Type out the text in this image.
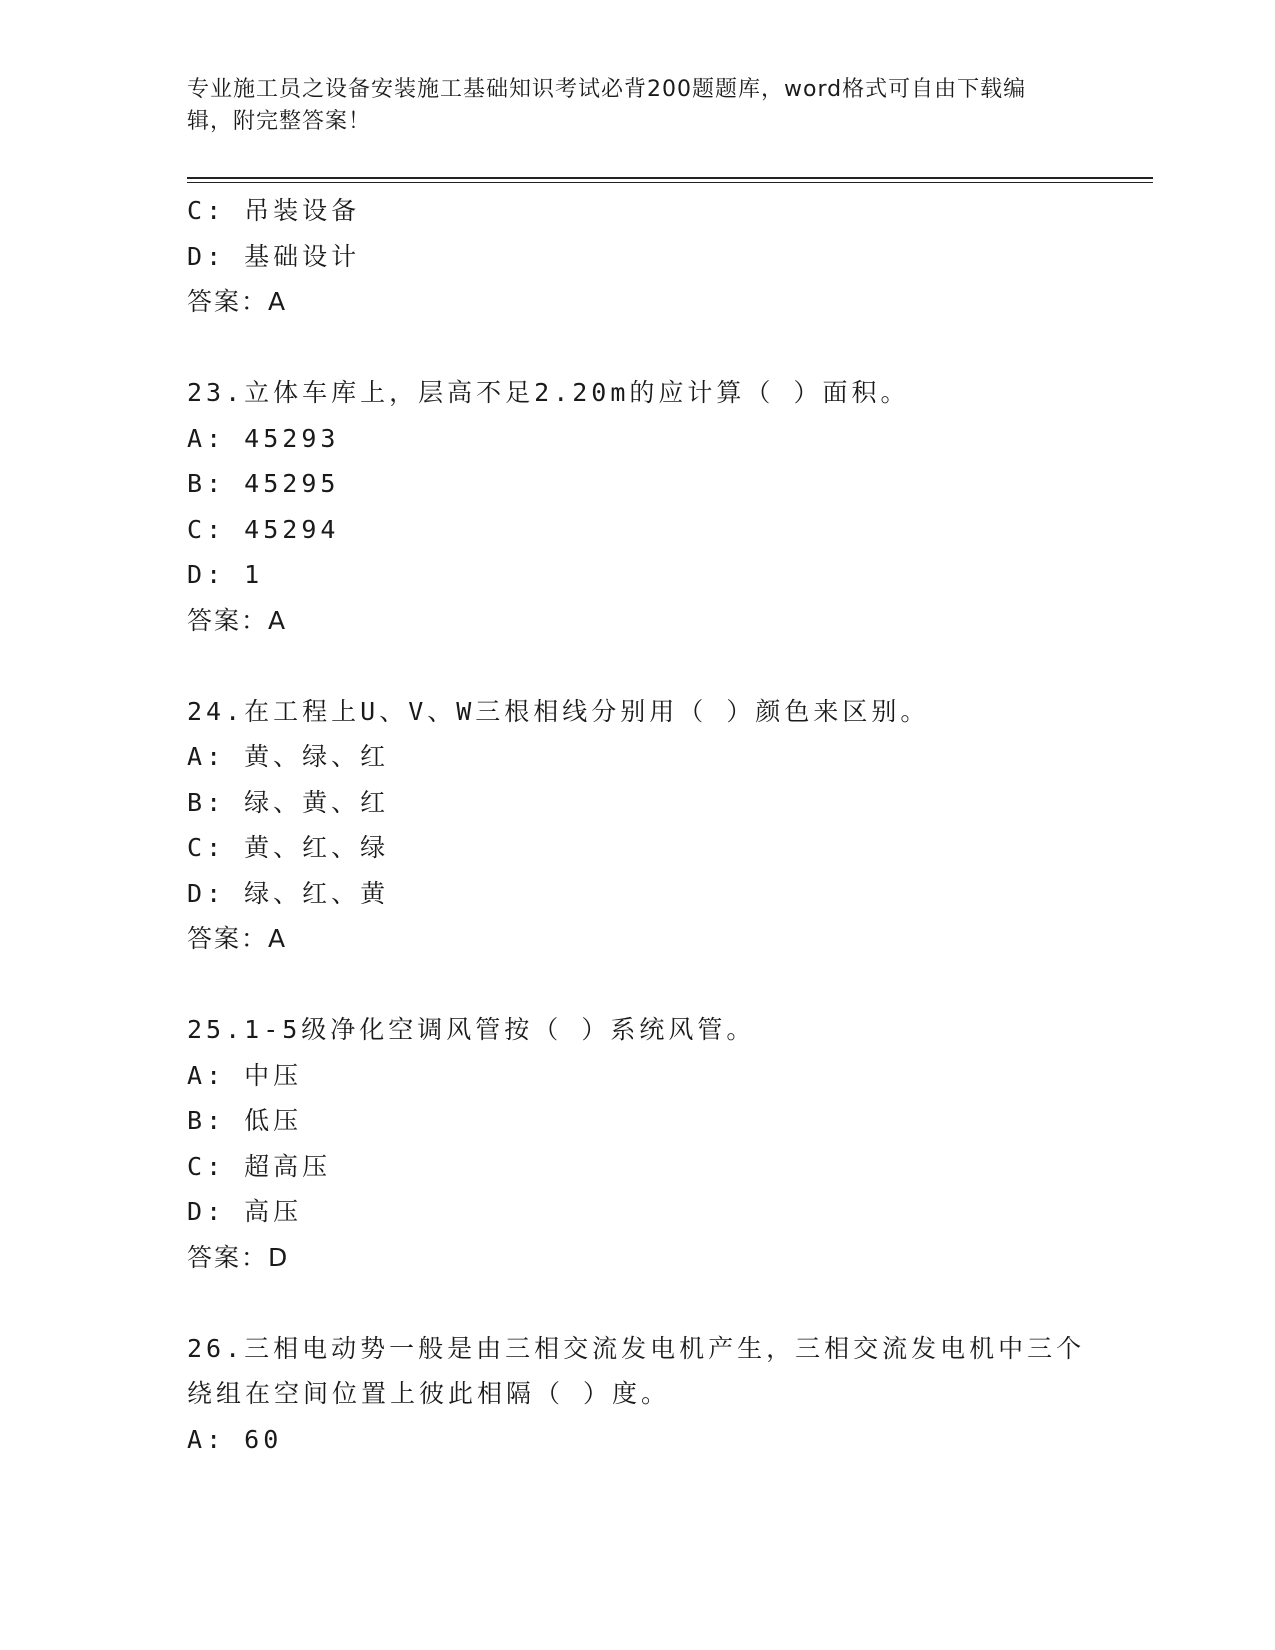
专业施工员之设备安装施工基础知识考试必背200题题库，word格式可自由下载编辑，附完整答案！
C: 吊装设备
D: 基础设计
答案：A
23.立体车库上，层高不足2.20m的应计算（ ）面积。
A: 45293
B: 45295
C: 45294
D: 1
答案：A
24.在工程上U、V、W三根相线分别用（ ）颜色来区别。
A: 黄、绿、红
B: 绿、黄、红
C: 黄、红、绿
D: 绿、红、黄
答案：A
25.1-5级净化空调风管按（ ）系统风管。
A: 中压
B: 低压
C: 超高压
D: 高压
答案：D
26.三相电动势一般是由三相交流发电机产生，三相交流发电机中三个
绕组在空间位置上彼此相隔（ ）度。
A: 60
